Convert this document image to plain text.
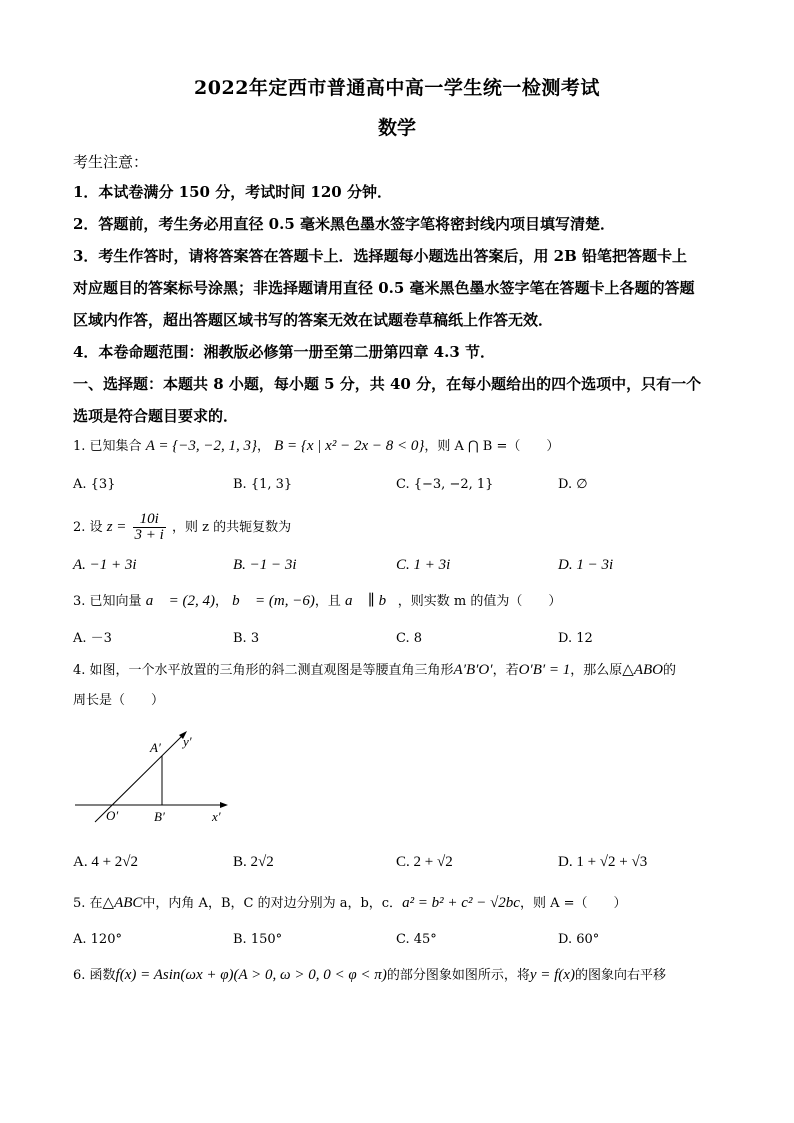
2022年定西市普通高中高一学生统一检测考试
数学
考生注意：
1．本试卷满分 150 分，考试时间 120 分钟．
2．答题前，考生务必用直径 0.5 毫米黑色墨水签字笔将密封线内项目填写清楚．
3．考生作答时，请将答案答在答题卡上．选择题每小题选出答案后，用 2B 铅笔把答题卡上
对应题目的答案标号涂黑；非选择题请用直径 0.5 毫米黑色墨水签字笔在答题卡上各题的答题
区域内作答，超出答题区域书写的答案无效在试题卷草稿纸上作答无效．
4．本卷命题范围：湘教版必修第一册至第二册第四章 4.3 节．
一、选择题：本题共 8 小题，每小题 5 分，共 40 分，在每小题给出的四个选项中，只有一个
选项是符合题目要求的．
1. 已知集合 A = {−3, −2, 1, 3}， B = {x | x² − 2x − 8 < 0}，则 A ⋂ B =（　　）
A. {3}	B. {1, 3}	C. {−3, −2, 1}	D. ∅
2. 设 $z = \frac{10i}{3 + i}$ ，则 z 的共轭复数为
A. −1 + 3i	B. −1 − 3i	C. 1 + 3i	D. 1 − 3i
3. 已知向量 a⃗ = (2, 4)， b⃗ = (m, −6)，且 a⃗ ∥ b⃗，则实数 m 的值为（　　）
A. －3	B. 3	C. 8	D. 12
4. 如图，一个水平放置的三角形的斜二测直观图是等腰直角三角形A′B′O′，若O′B′ = 1，那么原△ABO的
周长是（　　）
A′
B′
O′	x′
y′
A. 4 + 2√2	B. 2√2	C. 2 + √2	D. 1 + √2 + √3
5. 在△ABC中，内角 A，B，C 的对边分别为 a，b，c．a² = b² + c² − √2bc，则 A =（　　）
A. 120°	B. 150°	C. 45°	D. 60°
6. 函数f(x) = Asin(ωx + φ)(A > 0, ω > 0, 0 < φ < π)的部分图象如图所示，将y = f(x)的图象向右平移
